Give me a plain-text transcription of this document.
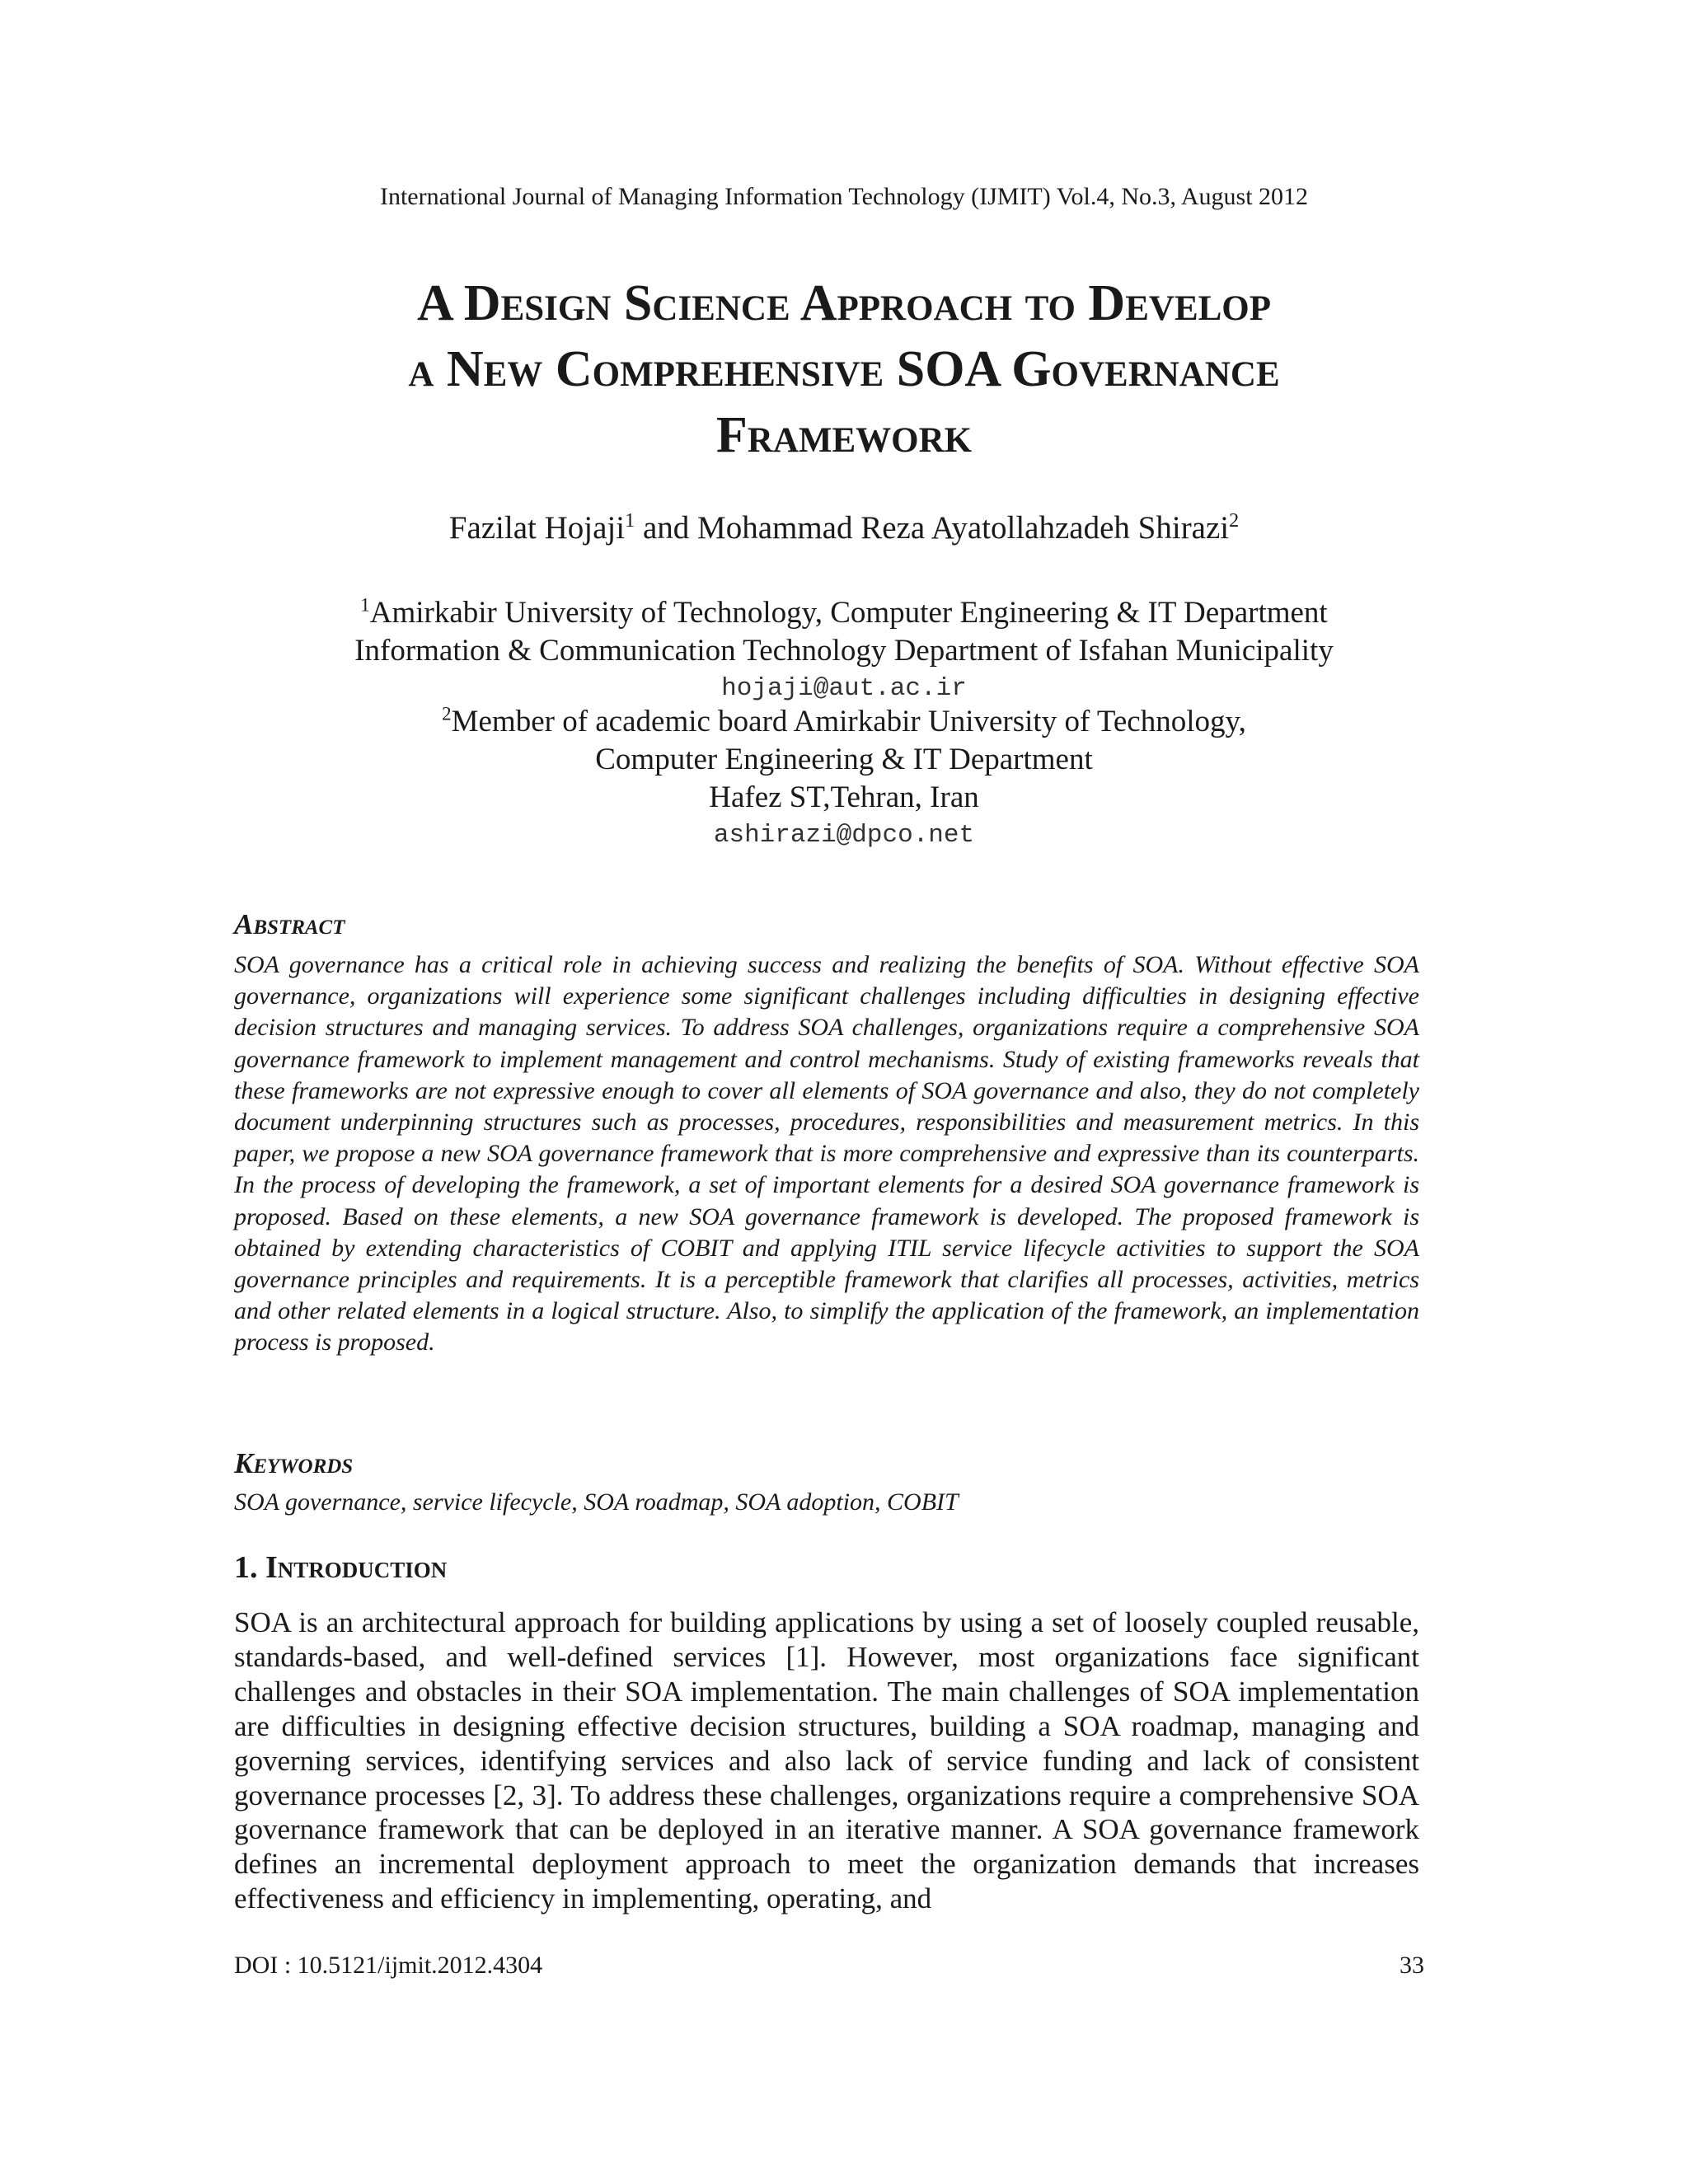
International Journal of Managing Information Technology (IJMIT) Vol.4, No.3, August 2012
A Design Science Approach to Develop
a New Comprehensive SOA Governance
Framework
Fazilat Hojaji$^1$ and Mohammad Reza Ayatollahzadeh Shirazi$^2$
$^1$Amirkabir University of Technology, Computer Engineering & IT Department
Information & Communication Technology Department of Isfahan Municipality
hojaji@aut.ac.ir
$^2$Member of academic board Amirkabir University of Technology,
Computer Engineering & IT Department
Hafez ST,Tehran, Iran
ashirazi@dpco.net
Abstract
SOA governance has a critical role in achieving success and realizing the benefits of SOA. Without effective SOA governance, organizations will experience some significant challenges including difficulties in designing effective decision structures and managing services. To address SOA challenges, organizations require a comprehensive SOA governance framework to implement management and control mechanisms. Study of existing frameworks reveals that these frameworks are not expressive enough to cover all elements of SOA governance and also, they do not completely document underpinning structures such as processes, procedures, responsibilities and measurement metrics. In this paper, we propose a new SOA governance framework that is more comprehensive and expressive than its counterparts. In the process of developing the framework, a set of important elements for a desired SOA governance framework is proposed. Based on these elements, a new SOA governance framework is developed. The proposed framework is obtained by extending characteristics of COBIT and applying ITIL service lifecycle activities to support the SOA governance principles and requirements. It is a perceptible framework that clarifies all processes, activities, metrics and other related elements in a logical structure. Also, to simplify the application of the framework, an implementation process is proposed.
Keywords
SOA governance, service lifecycle, SOA roadmap, SOA adoption, COBIT
1. Introduction
SOA is an architectural approach for building applications by using a set of loosely coupled reusable, standards-based, and well-defined services [1]. However, most organizations face significant challenges and obstacles in their SOA implementation. The main challenges of SOA implementation are difficulties in designing effective decision structures, building a SOA roadmap, managing and governing services, identifying services and also lack of service funding and lack of consistent governance processes [2, 3]. To address these challenges, organizations require a comprehensive SOA governance framework that can be deployed in an iterative manner. A SOA governance framework defines an incremental deployment approach to meet the organization demands that increases effectiveness and efficiency in implementing, operating, and
DOI : 10.5121/ijmit.2012.4304	33
